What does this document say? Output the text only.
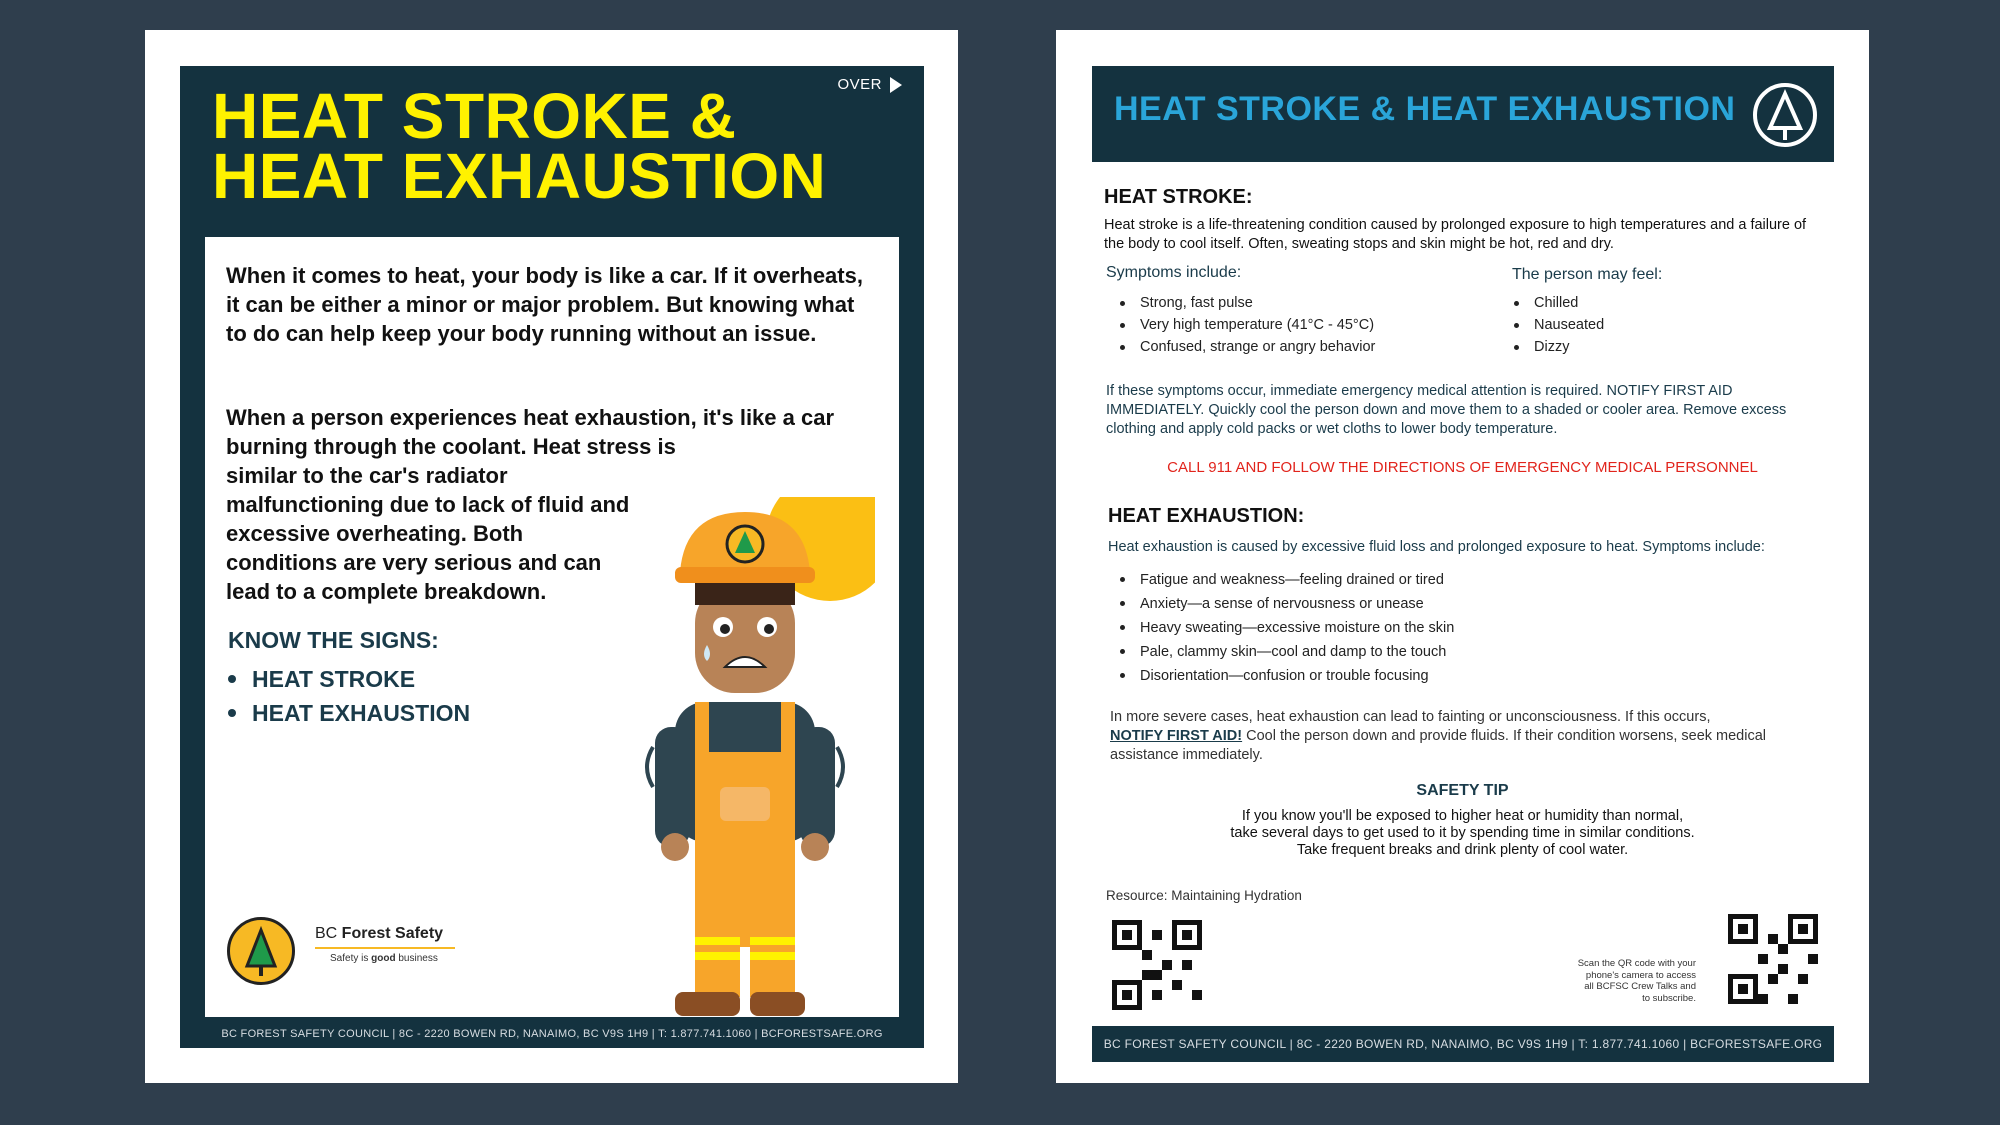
OVER
HEAT STROKE &
HEAT EXHAUSTION
When it comes to heat, your body is like a car. If it overheats, it can be either a minor or major problem. But knowing what to do can help keep your body running without an issue.
When a person experiences heat exhaustion, it's like a car burning through the coolant. Heat stress is
similar to the car's radiator malfunctioning due to lack of fluid and excessive overheating. Both conditions are very serious and can lead to a complete breakdown.
KNOW THE SIGNS:
HEAT STROKE
HEAT EXHAUSTION
BC Forest Safety
Safety is good business
BC FOREST SAFETY COUNCIL | 8C - 2220 BOWEN RD, NANAIMO, BC V9S 1H9 | T: 1.877.741.1060 | BCFORESTSAFE.ORG
HEAT STROKE & HEAT EXHAUSTION
HEAT STROKE:
Heat stroke is a life-threatening condition caused by prolonged exposure to high temperatures and a failure of the body to cool itself. Often, sweating stops and skin might be hot, red and dry.
Symptoms include:
Strong, fast pulse
Very high temperature (41°C - 45°C)
Confused, strange or angry behavior
The person may feel:
Chilled
Nauseated
Dizzy
If these symptoms occur, immediate emergency medical attention is required. NOTIFY FIRST AID IMMEDIATELY. Quickly cool the person down and move them to a shaded or cooler area. Remove excess clothing and apply cold packs or wet cloths to lower body temperature.
CALL 911 AND FOLLOW THE DIRECTIONS OF EMERGENCY MEDICAL PERSONNEL
HEAT EXHAUSTION:
Heat exhaustion is caused by excessive fluid loss and prolonged exposure to heat. Symptoms include:
Fatigue and weakness—feeling drained or tired
Anxiety—a sense of nervousness or unease
Heavy sweating—excessive moisture on the skin
Pale, clammy skin—cool and damp to the touch
Disorientation—confusion or trouble focusing
In more severe cases, heat exhaustion can lead to fainting or unconsciousness. If this occurs,
NOTIFY FIRST AID! Cool the person down and provide fluids. If their condition worsens, seek medical assistance immediately.
SAFETY TIP
If you know you'll be exposed to higher heat or humidity than normal,
take several days to get used to it by spending time in similar conditions.
Take frequent breaks and drink plenty of cool water.
Resource: Maintaining Hydration
Scan the QR code with your phone's camera to access all BCFSC Crew Talks and to subscribe.
BC FOREST SAFETY COUNCIL | 8C - 2220 BOWEN RD, NANAIMO, BC V9S 1H9 | T: 1.877.741.1060 | BCFORESTSAFE.ORG
